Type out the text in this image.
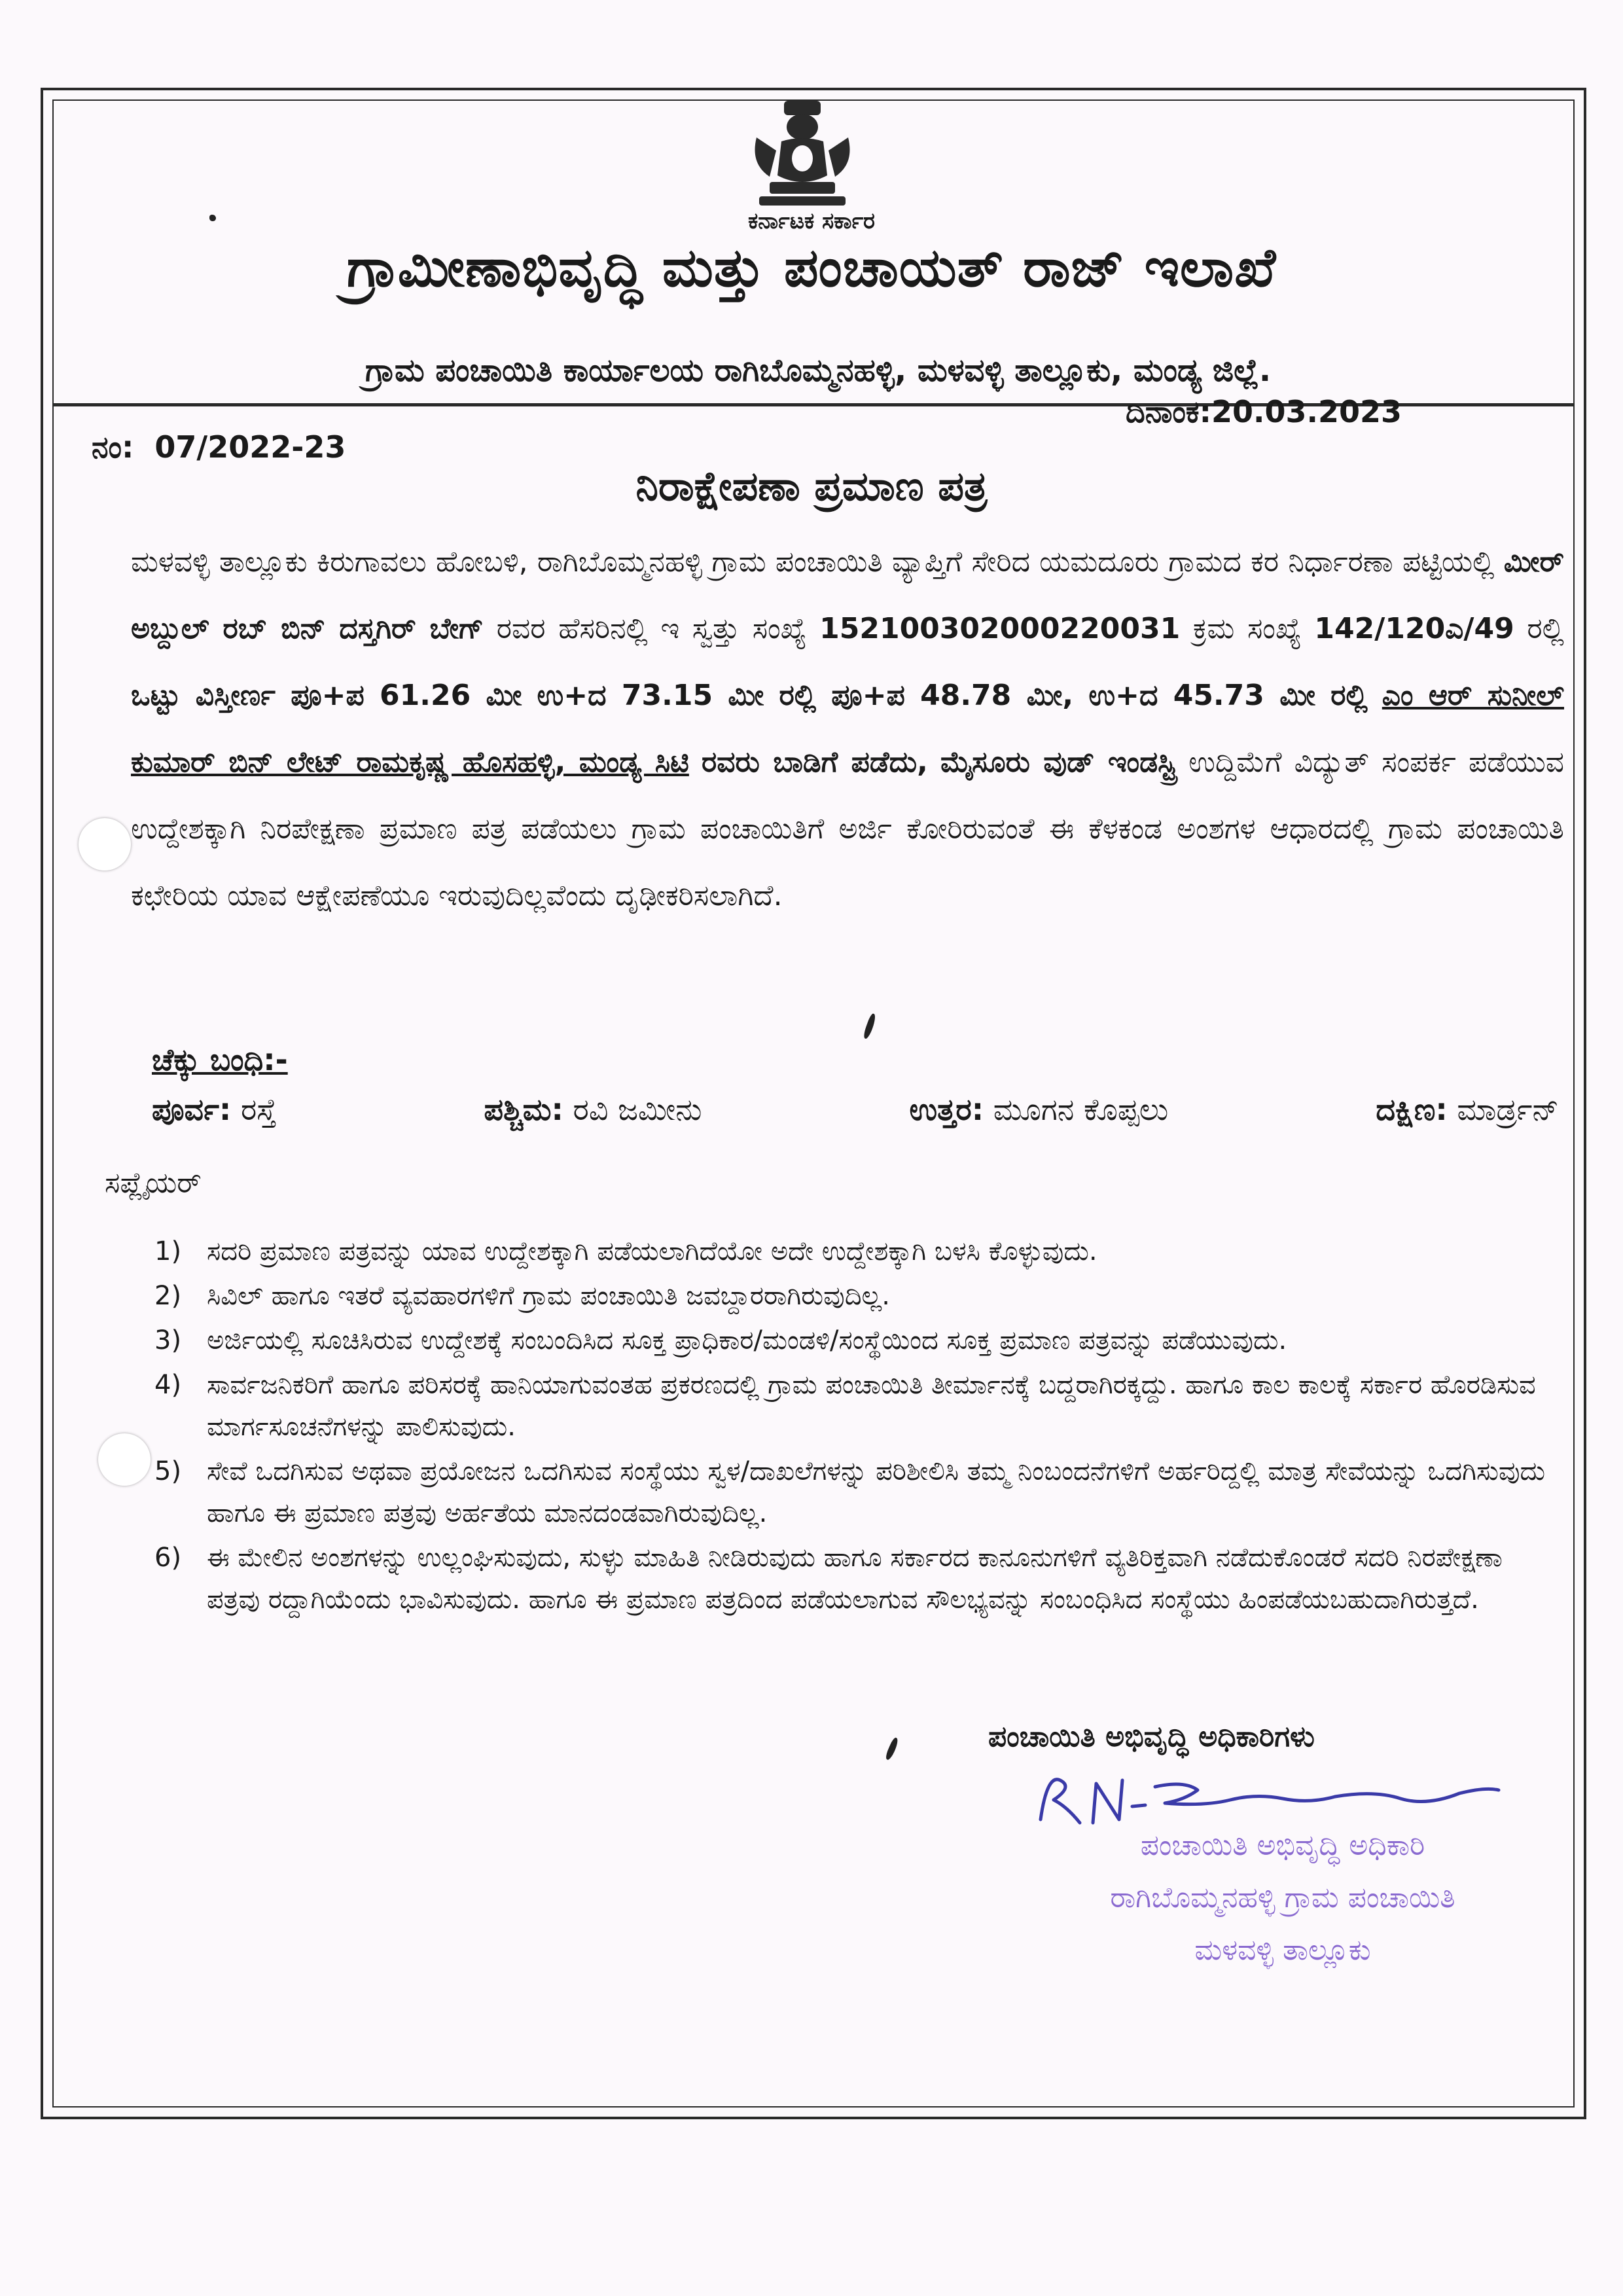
ಕರ್ನಾಟಕ ಸರ್ಕಾರ
ಗ್ರಾಮೀಣಾಭಿವೃದ್ಧಿ ಮತ್ತು ಪಂಚಾಯತ್ ರಾಜ್ ಇಲಾಖೆ
ಗ್ರಾಮ ಪಂಚಾಯಿತಿ ಕಾರ್ಯಾಲಯ ರಾಗಿಬೊಮ್ಮನಹಳ್ಳಿ, ಮಳವಳ್ಳಿ ತಾಲ್ಲೂಕು, ಮಂಡ್ಯ ಜಿಲ್ಲೆ.
ದಿನಾಂಕ:20.03.2023
ನಂ: 07/2022-23
ನಿರಾಕ್ಷೇಪಣಾ ಪ್ರಮಾಣ ಪತ್ರ

ಮಳವಳ್ಳಿ ತಾಲ್ಲೂಕು ಕಿರುಗಾವಲು ಹೋಬಳಿ, ರಾಗಿಬೊಮ್ಮನಹಳ್ಳಿ ಗ್ರಾಮ ಪಂಚಾಯಿತಿ ವ್ಯಾಪ್ತಿಗೆ ಸೇರಿದ ಯಮದೂರು ಗ್ರಾಮದ ಕರ ನಿರ್ಧಾರಣಾ ಪಟ್ಟಿಯಲ್ಲಿ ಮೀರ್ ಅಬ್ದುಲ್ ರಬ್ ಬಿನ್ ದಸ್ತಗಿರ್ ಬೇಗ್ ರವರ ಹೆಸರಿನಲ್ಲಿ ಇ ಸ್ವತ್ತು ಸಂಖ್ಯೆ 152100302000220031 ಕ್ರಮ ಸಂಖ್ಯೆ 142/120ಎ/49 ರಲ್ಲಿ ಒಟ್ಟು ವಿಸ್ತೀರ್ಣ ಪೂ+ಪ 61.26 ಮೀ ಉ+ದ 73.15 ಮೀ ರಲ್ಲಿ ಪೂ+ಪ 48.78 ಮೀ, ಉ+ದ 45.73 ಮೀ ರಲ್ಲಿ ಎಂ ಆರ್ ಸುನೀಲ್ ಕುಮಾರ್ ಬಿನ್ ಲೇಟ್ ರಾಮಕೃಷ್ಣ ಹೊಸಹಳ್ಳಿ, ಮಂಡ್ಯ ಸಿಟಿ ರವರು ಬಾಡಿಗೆ ಪಡೆದು, ಮೈಸೂರು ವುಡ್ ಇಂಡಸ್ಟ್ರಿ ಉದ್ದಿಮೆಗೆ ವಿದ್ಯುತ್ ಸಂಪರ್ಕ ಪಡೆಯುವ ಉದ್ದೇಶಕ್ಕಾಗಿ ನಿರಪೇಕ್ಷಣಾ ಪ್ರಮಾಣ ಪತ್ರ ಪಡೆಯಲು ಗ್ರಾಮ ಪಂಚಾಯಿತಿಗೆ ಅರ್ಜಿ ಕೋರಿರುವಂತೆ ಈ ಕೆಳಕಂಡ ಅಂಶಗಳ ಆಧಾರದಲ್ಲಿ ಗ್ರಾಮ ಪಂಚಾಯಿತಿ ಕಛೇರಿಯ ಯಾವ ಆಕ್ಷೇಪಣೆಯೂ ಇರುವುದಿಲ್ಲವೆಂದು ದೃಢೀಕರಿಸಲಾಗಿದೆ.

ಚೆಕ್ಕು ಬಂಧಿ:-
ಪೂರ್ವ: ರಸ್ತೆ	ಪಶ್ಚಿಮ: ರವಿ ಜಮೀನು	ಉತ್ತರ: ಮೂಗನ ಕೊಪ್ಪಲು	ದಕ್ಷಿಣ: ಮಾರ್ಡ್ರನ್
ಸಪ್ಲೈಯರ್
1) ಸದರಿ ಪ್ರಮಾಣ ಪತ್ರವನ್ನು ಯಾವ ಉದ್ದೇಶಕ್ಕಾಗಿ ಪಡೆಯಲಾಗಿದೆಯೋ ಅದೇ ಉದ್ದೇಶಕ್ಕಾಗಿ ಬಳಸಿ ಕೊಳ್ಳುವುದು.
2) ಸಿವಿಲ್ ಹಾಗೂ ಇತರೆ ವ್ಯವಹಾರಗಳಿಗೆ ಗ್ರಾಮ ಪಂಚಾಯಿತಿ ಜವಬ್ದಾರರಾಗಿರುವುದಿಲ್ಲ.
3) ಅರ್ಜಿಯಲ್ಲಿ ಸೂಚಿಸಿರುವ ಉದ್ದೇಶಕ್ಕೆ ಸಂಬಂದಿಸಿದ ಸೂಕ್ತ ಪ್ರಾಧಿಕಾರ/ಮಂಡಳಿ/ಸಂಸ್ಥೆಯಿಂದ ಸೂಕ್ತ ಪ್ರಮಾಣ ಪತ್ರವನ್ನು ಪಡೆಯುವುದು.
4) ಸಾರ್ವಜನಿಕರಿಗೆ ಹಾಗೂ ಪರಿಸರಕ್ಕೆ ಹಾನಿಯಾಗುವಂತಹ ಪ್ರಕರಣದಲ್ಲಿ ಗ್ರಾಮ ಪಂಚಾಯಿತಿ ತೀರ್ಮಾನಕ್ಕೆ ಬದ್ದರಾಗಿರಕ್ಕದ್ದು. ಹಾಗೂ ಕಾಲ ಕಾಲಕ್ಕೆ ಸರ್ಕಾರ ಹೊರಡಿಸುವ ಮಾರ್ಗಸೂಚನೆಗಳನ್ನು ಪಾಲಿಸುವುದು.
5) ಸೇವೆ ಒದಗಿಸುವ ಅಥವಾ ಪ್ರಯೋಜನ ಒದಗಿಸುವ ಸಂಸ್ಥೆಯು ಸ್ವಳ/ದಾಖಲೆಗಳನ್ನು ಪರಿಶೀಲಿಸಿ ತಮ್ಮ ನಿಂಬಂದನೆಗಳಿಗೆ ಅರ್ಹರಿದ್ದಲ್ಲಿ ಮಾತ್ರ ಸೇವೆಯನ್ನು ಒದಗಿಸುವುದು ಹಾಗೂ ಈ ಪ್ರಮಾಣ ಪತ್ರವು ಅರ್ಹತೆಯ ಮಾನದಂಡವಾಗಿರುವುದಿಲ್ಲ.
6) ಈ ಮೇಲಿನ ಅಂಶಗಳನ್ನು ಉಲ್ಲಂಘಿಸುವುದು, ಸುಳ್ಳು ಮಾಹಿತಿ ನೀಡಿರುವುದು ಹಾಗೂ ಸರ್ಕಾರದ ಕಾನೂನುಗಳಿಗೆ ವ್ಯತಿರಿಕ್ತವಾಗಿ ನಡೆದುಕೊಂಡರೆ ಸದರಿ ನಿರಪೇಕ್ಷಣಾ ಪತ್ರವು ರದ್ದಾಗಿಯೆಂದು ಭಾವಿಸುವುದು. ಹಾಗೂ ಈ ಪ್ರಮಾಣ ಪತ್ರದಿಂದ ಪಡೆಯಲಾಗುವ ಸೌಲಭ್ಯವನ್ನು ಸಂಬಂಧಿಸಿದ ಸಂಸ್ಥೆಯು ಹಿಂಪಡೆಯಬಹುದಾಗಿರುತ್ತದೆ.
ಪಂಚಾಯಿತಿ ಅಭಿವೃದ್ಧಿ ಅಧಿಕಾರಿಗಳು
ಪಂಚಾಯಿತಿ ಅಭಿವೃದ್ಧಿ ಅಧಿಕಾರಿ
ರಾಗಿಬೊಮ್ಮನಹಳ್ಳಿ ಗ್ರಾಮ ಪಂಚಾಯಿತಿ
ಮಳವಳ್ಳಿ ತಾಲ್ಲೂಕು
